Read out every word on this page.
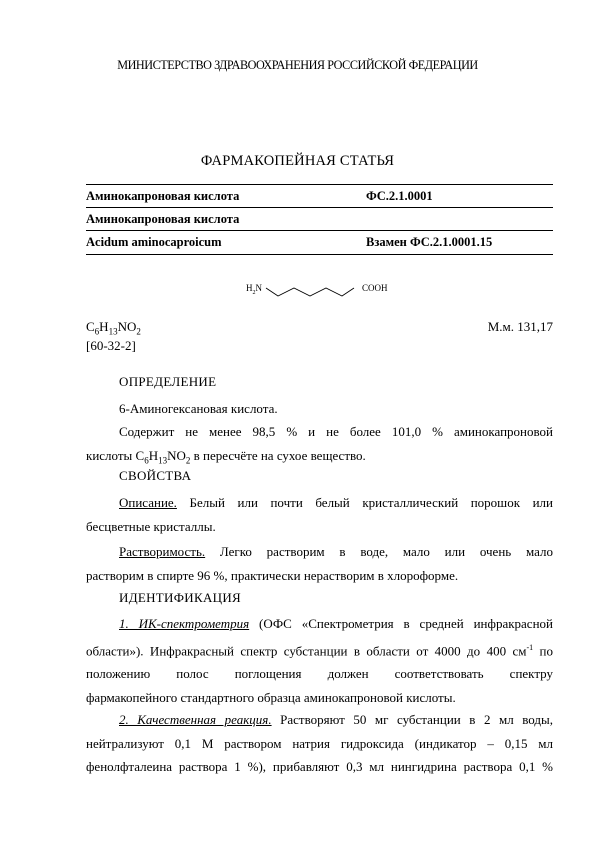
МИНИСТЕРСТВО ЗДРАВООХРАНЕНИЯ РОССИЙСКОЙ ФЕДЕРАЦИИ
ФАРМАКОПЕЙНАЯ СТАТЬЯ
Аминокапроновая кислота	ФС.2.1.0001
Аминокапроновая кислота
Acidum aminocaproicum	Взамен ФС.2.1.0001.15
$H_2N$	COOH
$C_6H_{13}NO_2$	М.м. 131,17
[60-32-2]
ОПРЕДЕЛЕНИЕ
6-Аминогексановая кислота.
Содержит не менее 98,5 % и не более 101,0 % аминокапроновой
кислоты $C_6H_{13}NO_2$ в пересчёте на сухое вещество.
СВОЙСТВА
Описание. Белый или почти белый кристаллический порошок или
бесцветные кристаллы.
Растворимость. Легко растворим в воде, мало или очень мало
растворим в спирте 96 %, практически нерастворим в хлороформе.
ИДЕНТИФИКАЦИЯ
1. ИК-спектрометрия (ОФС «Спектрометрия в средней инфракрасной
области»). Инфракрасный спектр субстанции в области от 4000 до 400 $см^{-1}$ по
положению полос поглощения должен соответствовать спектру
фармакопейного стандартного образца аминокапроновой кислоты.
2. Качественная реакция. Растворяют 50 мг субстанции в 2 мл воды,
нейтрализуют 0,1 М раствором натрия гидроксида (индикатор – 0,15 мл
фенолфталеина раствора 1 %), прибавляют 0,3 мл нингидрина раствора 0,1 %
